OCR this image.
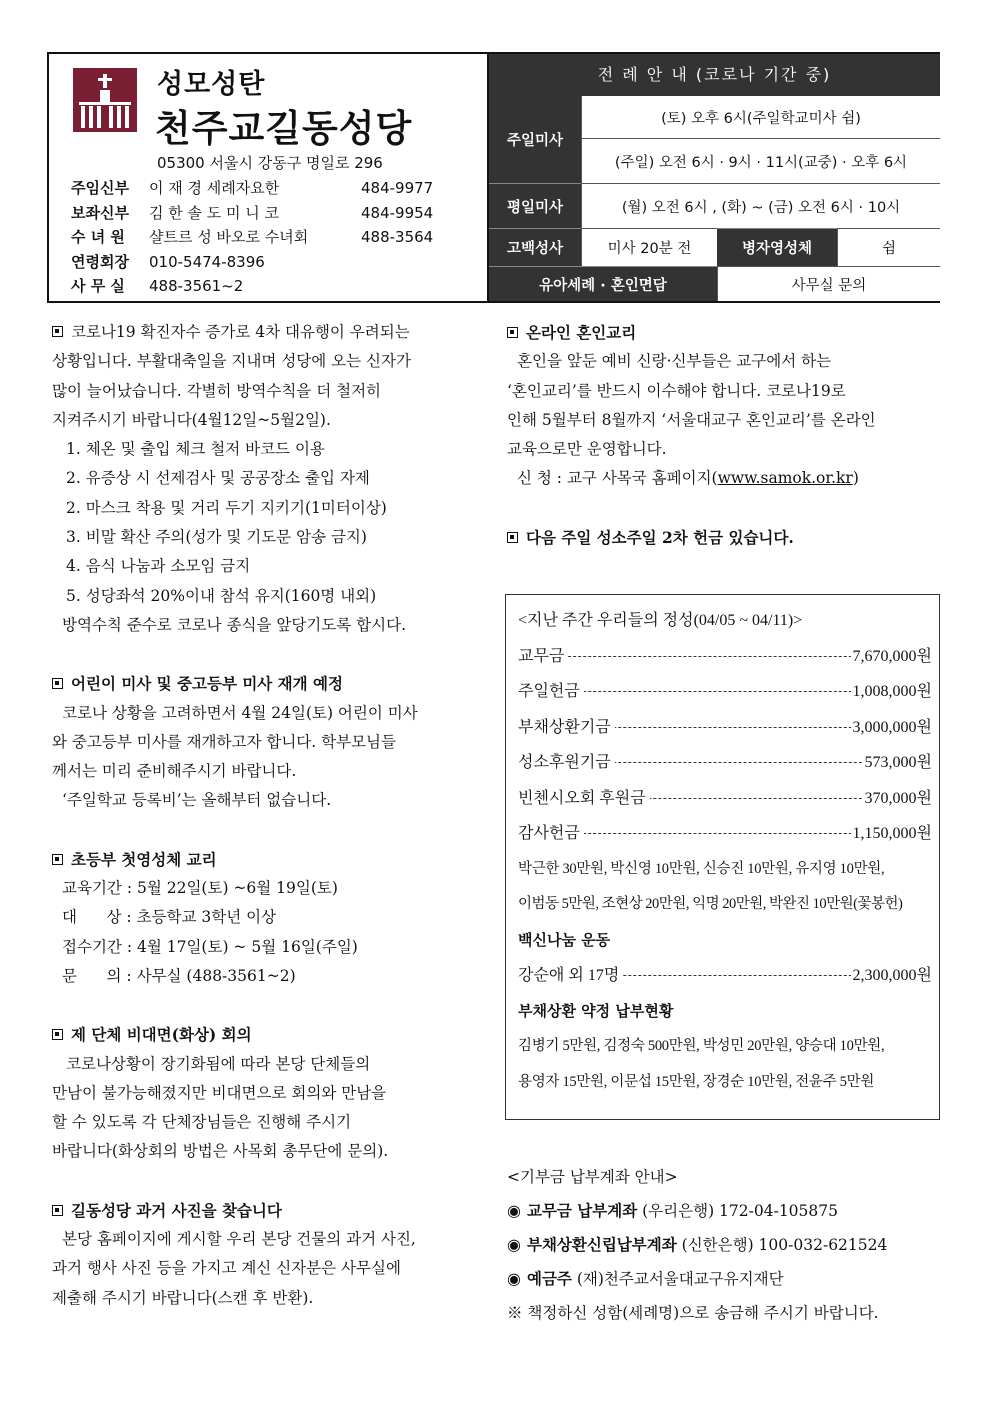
성모성탄
천주교길동성당
05300 서울시 강동구 명일로 296
주임신부	이 재 경 세례자요한	484-9977
보좌신부	김 한 솔 도 미 니 코	484-9954
수 녀 원	샬트르 성 바오로 수녀회	488-3564
연령회장	010-5474-8396
사 무 실	488-3561~2
전 례 안 내 (코로나 기간 중)
주일미사
(토) 오후 6시(주일학교미사 쉼)
(주일) 오전 6시 · 9시 · 11시(교중) · 오후 6시
평일미사	(월) 오전 6시 , (화) ~ (금) 오전 6시 · 10시
고백성사	미사 20분 전	병자영성체	쉼
유아세례 · 혼인면담	사무실 문의

코로나19 확진자수 증가로 4차 대유행이 우려되는

상황입니다. 부활대축일을 지내며 성당에 오는 신자가

많이 늘어났습니다. 각별히 방역수칙을 더 철저히

지켜주시기 바랍니다(4월12일~5월2일).

1. 체온 및 출입 체크 철저 바코드 이용

2. 유증상 시 선제검사 및 공공장소 출입 자제

2. 마스크 착용 및 거리 두기 지키기(1미터이상)

3. 비말 확산 주의(성가 및 기도문 암송 금지)

4. 음식 나눔과 소모임 금지

5. 성당좌석 20%이내 참석 유지(160명 내외)

방역수칙 준수로 코로나 종식을 앞당기도록 합시다.

어린이 미사 및 중고등부 미사 재개 예정

코로나 상황을 고려하면서 4월 24일(토) 어린이 미사

와 중고등부 미사를 재개하고자 합니다. 학부모님들

께서는 미리 준비해주시기 바랍니다.

‘주일학교 등록비’는 올해부터 없습니다.

초등부 첫영성체 교리

교육기간 : 5월 22일(토) ~6월 19일(토)

대      상 : 초등학교 3학년 이상

접수기간 : 4월 17일(토) ~ 5월 16일(주일)

문      의 : 사무실 (488-3561~2)

제 단체 비대면(화상) 회의

코로나상황이 장기화됨에 따라 본당 단체들의

만남이 불가능해졌지만 비대면으로 회의와 만남을

할 수 있도록 각 단체장님들은 진행해 주시기

바랍니다(화상회의 방법은 사목회 총무단에 문의).

길동성당 과거 사진을 찾습니다

본당 홈페이지에 게시할 우리 본당 건물의 과거 사진,

과거 행사 사진 등을 가지고 계신 신자분은 사무실에

제출해 주시기 바랍니다(스캔 후 반환).

온라인 혼인교리

혼인을 앞둔 예비 신랑·신부들은 교구에서 하는

‘혼인교리’를 반드시 이수해야 합니다. 코로나19로

인해 5월부터 8월까지 ‘서울대교구 혼인교리’를 온라인

교육으로만 운영합니다.

신 청 : 교구 사목국 홈페이지(www.samok.or.kr)

다음 주일 성소주일 2차 헌금 있습니다.

<지난 주간 우리들의 정성(04/05 ~ 04/11)>

교무금	7,670,000원
주일헌금	1,008,000원
부채상환기금	3,000,000원
성소후원기금	573,000원
빈첸시오회 후원금	370,000원
감사헌금	1,150,000원

박근한 30만원, 박신영 10만원, 신승진 10만원, 유지영 10만원,

이범동 5만원, 조현상 20만원, 익명 20만원, 박완진 10만원(꽃봉헌)

백신나눔 운동

강순애 외 17명	2,300,000원

부채상환 약정 납부현황

김병기 5만원, 김정숙 500만원, 박성민 20만원, 양승대 10만원,

용영자 15만원, 이문섭 15만원, 장경순 10만원, 전윤주 5만원

<기부금 납부계좌 안내>

◉ 교무금 납부계좌 (우리은행) 172-04-105875

◉ 부채상환신립납부계좌 (신한은행) 100-032-621524

◉ 예금주 (재)천주교서울대교구유지재단

※ 책정하신 성함(세례명)으로 송금해 주시기 바랍니다.
